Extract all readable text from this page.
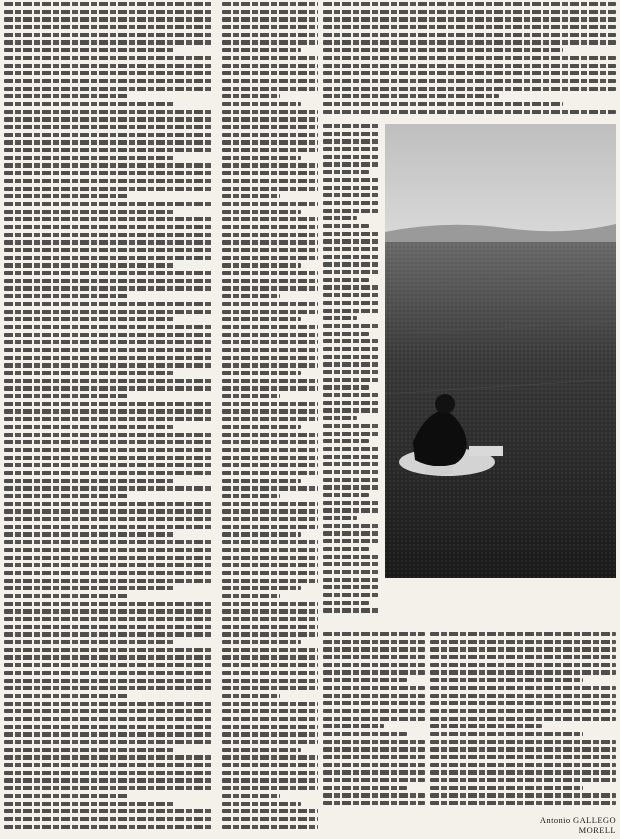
Antonio GALLEGO MORELL
